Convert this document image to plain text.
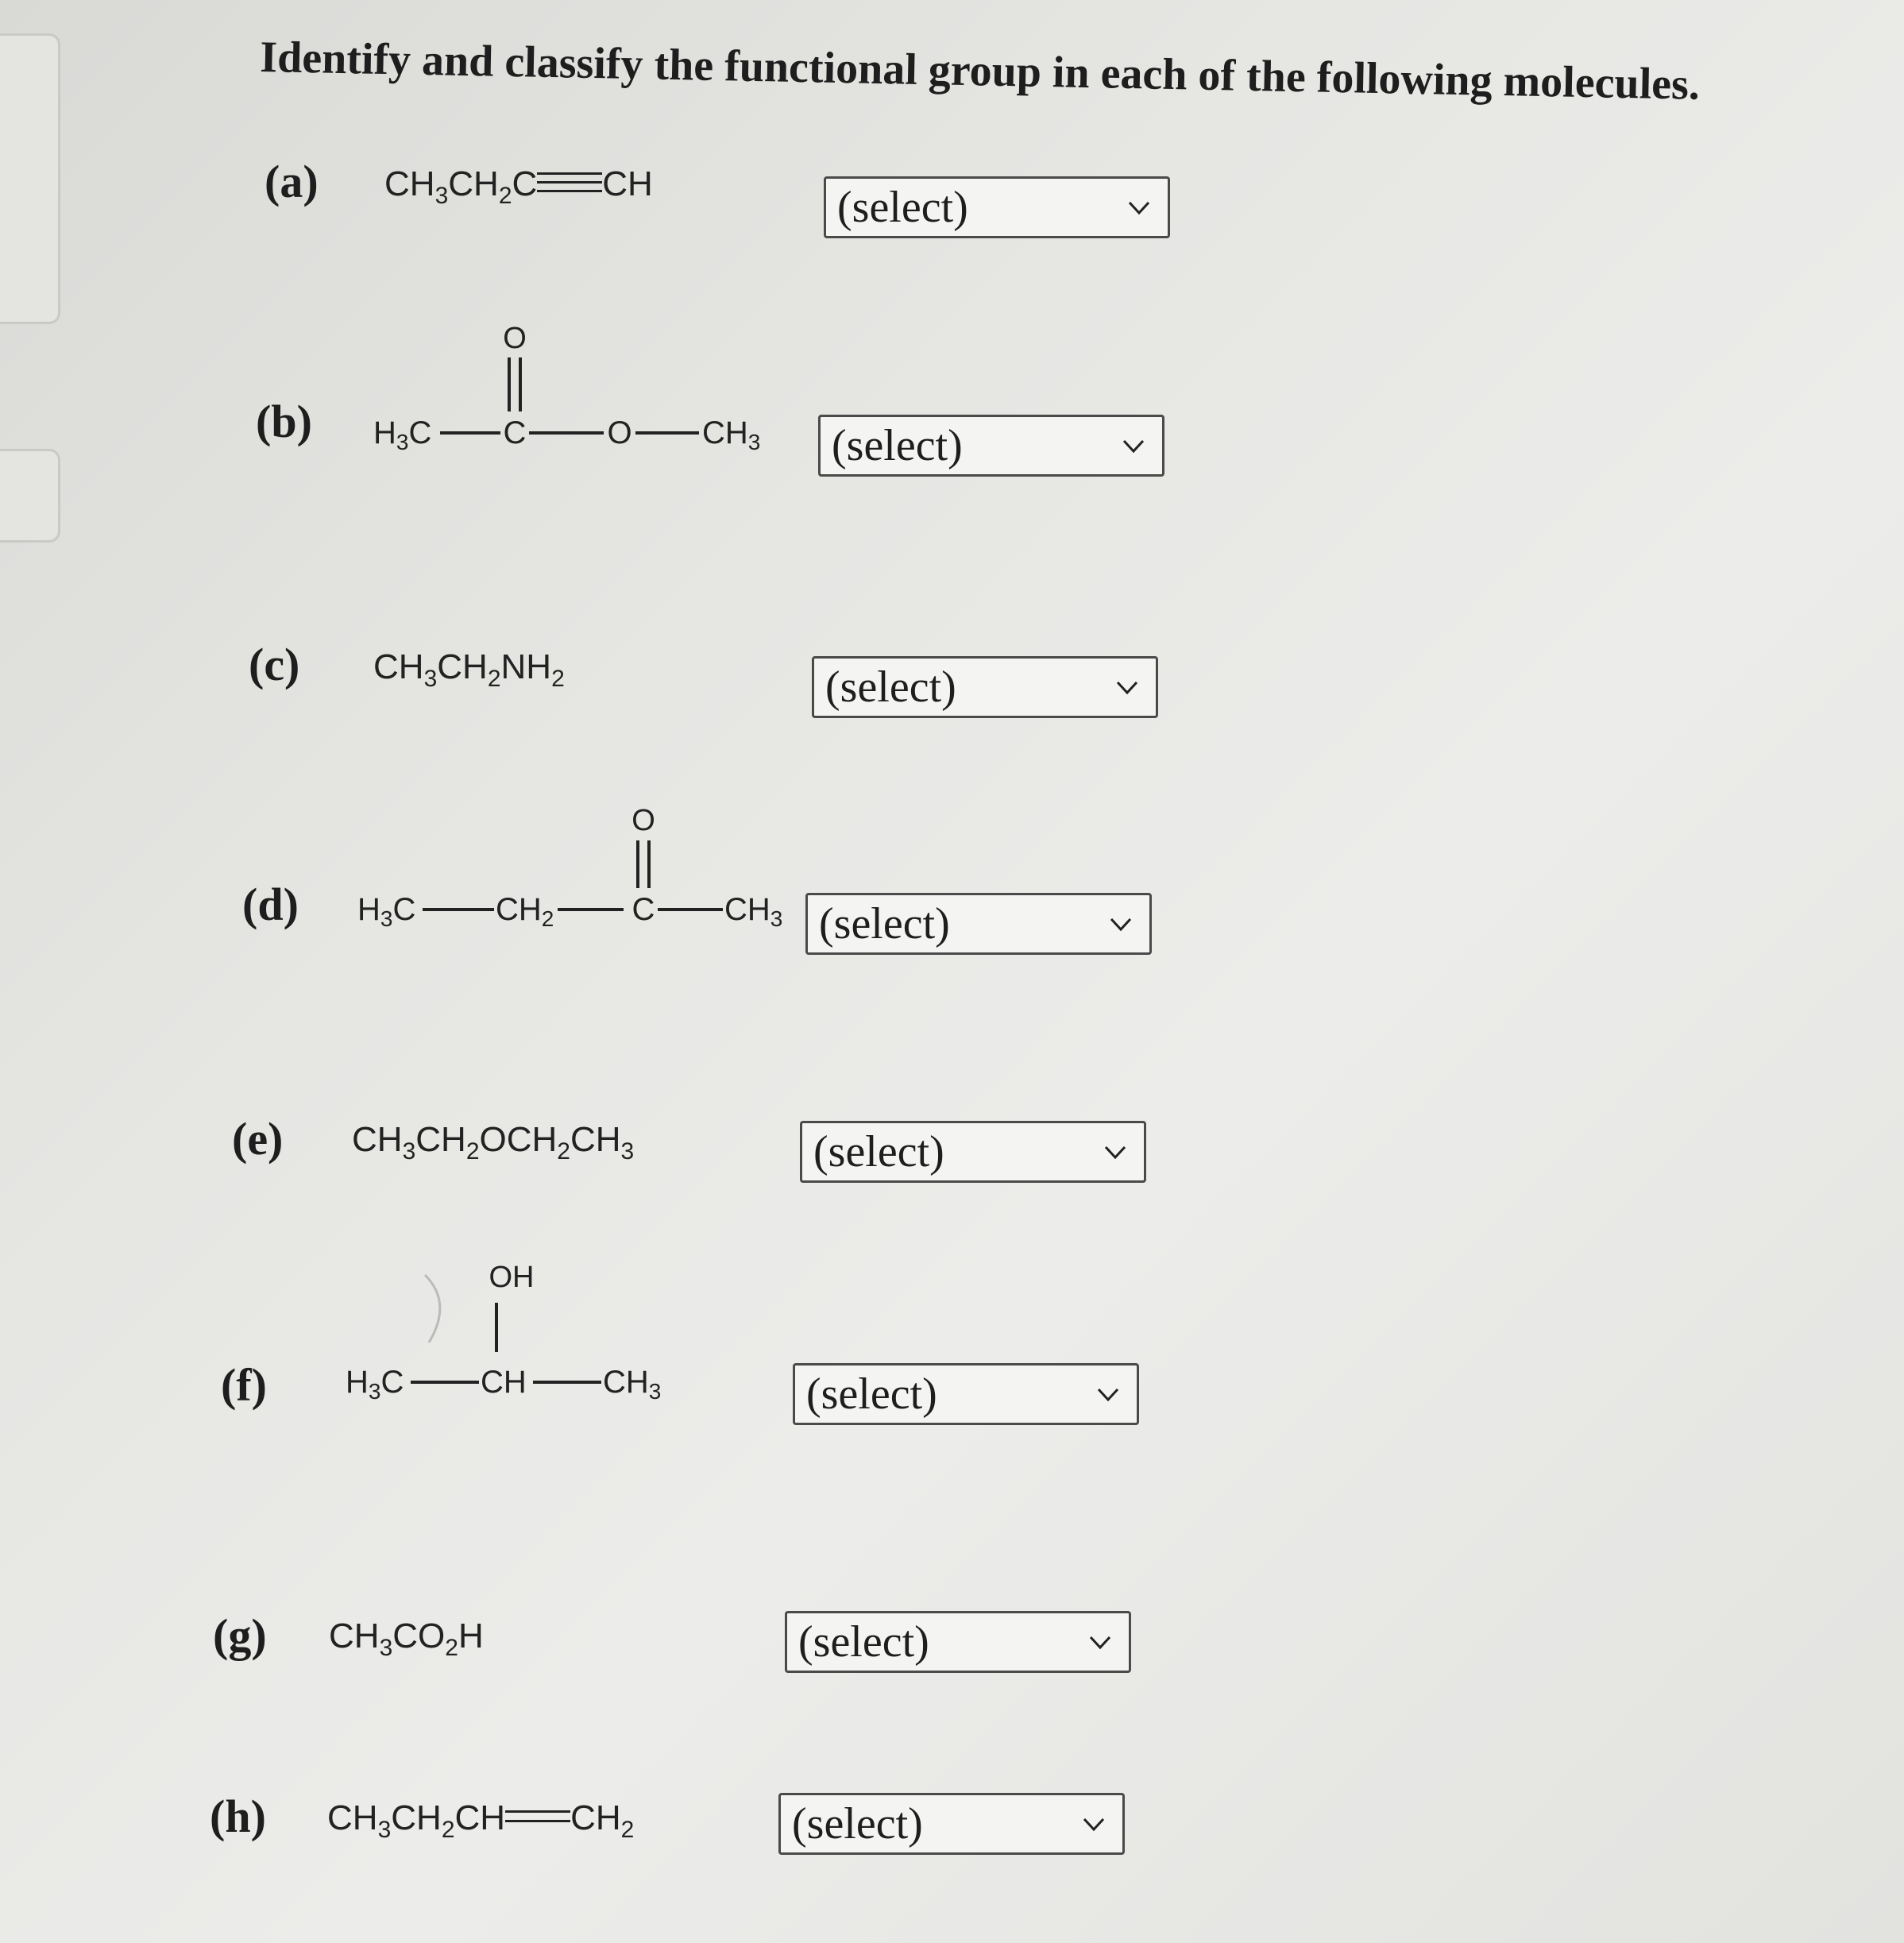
Identify and classify the functional group in each of the following molecules.
(a) $CH_3CH_2C$ CH	(select)
(b) $H_3C$
O
C	O $CH_3$ (select)
(c) $CH_3CH_2NH_2$	(select)
(d) $H_3C$	$CH_2$
O
C $CH_3$ (select)
(e) $CH_3CH_2OCH_2CH_3$	(select)
(f)
OH
$H_3C$ CH $CH_3$	(select)
(g) $CH_3CO_2H$	(select)
(h) $CH_3CH_2CH$ $CH_2$	(select)
